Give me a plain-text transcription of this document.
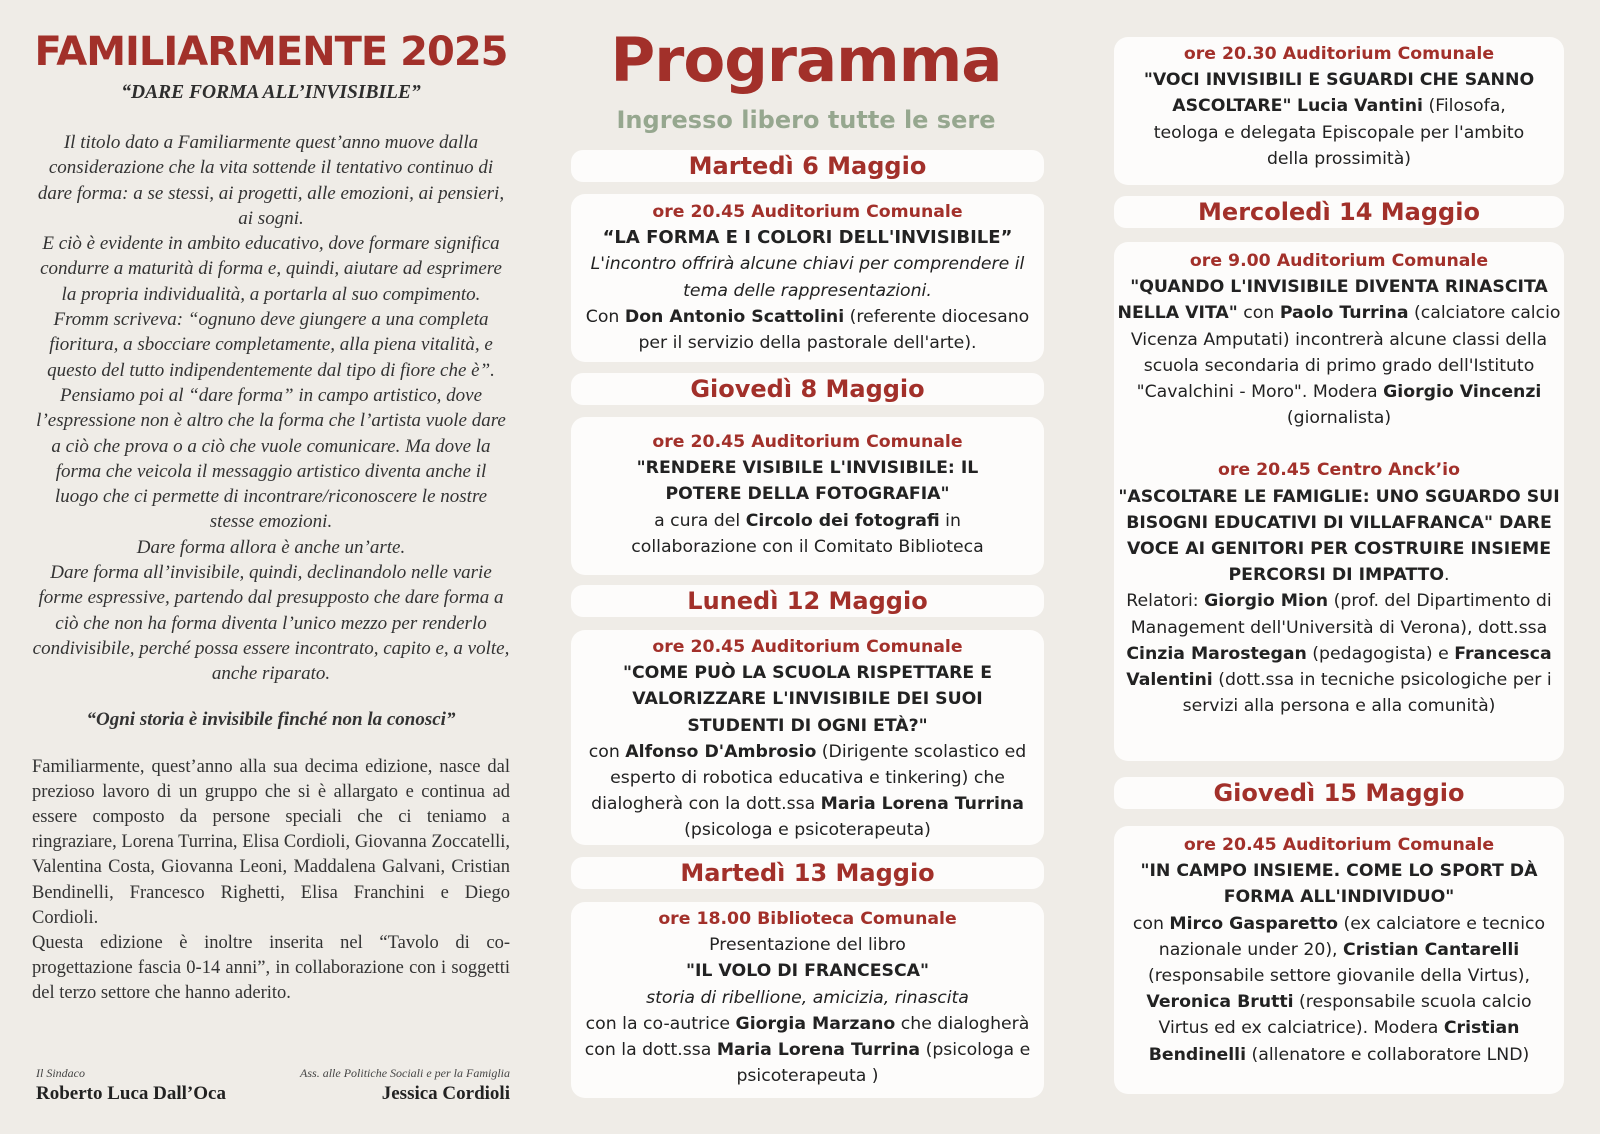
FAMILIARMENTE 2025
“DARE FORMA ALL’INVISIBILE”

Il titolo dato a Familiarmente quest’anno muove dalla considerazione che la vita sottende il tentativo continuo di dare forma: a se stessi, ai progetti, alle emozioni, ai pensieri, ai sogni.

E ciò è evidente in ambito educativo, dove formare significa condurre a maturità di forma e, quindi, aiutare ad esprimere la propria individualità, a portarla al suo compimento. Fromm scriveva: “ognuno deve giungere a una completa fioritura, a sbocciare completamente, alla piena vitalità, e questo del tutto indipendentemente dal tipo di fiore che è”.

Pensiamo poi al “dare forma” in campo artistico, dove l’espressione non è altro che la forma che l’artista vuole dare a ciò che prova o a ciò che vuole comunicare. Ma dove la forma che veicola il messaggio artistico diventa anche il luogo che ci permette di incontrare/riconoscere le nostre stesse emozioni.

Dare forma allora è anche un’arte.

Dare forma all’invisibile, quindi, declinandolo nelle varie forme espressive, partendo dal presupposto che dare forma a ciò che non ha forma diventa l’unico mezzo per renderlo condivisibile, perché possa essere incontrato, capito e, a volte, anche riparato.

“Ogni storia è invisibile finché non la conosci”

Familiarmente, quest’anno alla sua decima edizione, nasce dal prezioso lavoro di un gruppo che si è allargato e continua ad essere composto da persone speciali che ci teniamo a ringraziare, Lorena Turrina, Elisa Cordioli, Giovanna Zoccatelli, Valentina Costa, Giovanna Leoni, Maddalena Galvani, Cristian Bendinelli, Francesco Righetti, Elisa Franchini e Diego Cordioli.

Questa edizione è inoltre inserita nel “Tavolo di co-progettazione fascia 0-14 anni”, in collaborazione con i soggetti del terzo settore che hanno aderito.

Il Sindaco
Roberto Luca Dall’Oca
Ass. alle Politiche Sociali e per la Famiglia
Jessica Cordioli
Programma
Ingresso libero tutte le sere
Martedì 6 Maggio
ore 20.45 Auditorium Comunale
“LA FORMA E I COLORI DELL'INVISIBILE”
L'incontro offrirà alcune chiavi per comprendere il tema delle rappresentazioni.
Con Don Antonio Scattolini (referente diocesano per il servizio della pastorale dell'arte).
Giovedì 8 Maggio
ore 20.45 Auditorium Comunale
"RENDERE VISIBILE L'INVISIBILE: IL POTERE DELLA FOTOGRAFIA"
a cura del Circolo dei fotografi in collaborazione con il Comitato Biblioteca
Lunedì 12 Maggio
ore 20.45 Auditorium Comunale
"COME PUÒ LA SCUOLA RISPETTARE E VALORIZZARE L'INVISIBILE DEI SUOI STUDENTI DI OGNI ETÀ?"
con Alfonso D'Ambrosio (Dirigente scolastico ed esperto di robotica educativa e tinkering) che dialogherà con la dott.ssa Maria Lorena Turrina (psicologa e psicoterapeuta)
Martedì 13 Maggio
ore 18.00 Biblioteca Comunale
Presentazione del libro
"IL VOLO DI FRANCESCA"
storia di ribellione, amicizia, rinascita
con la co-autrice Giorgia Marzano che dialogherà con la dott.ssa Maria Lorena Turrina (psicologa e psicoterapeuta )
ore 20.30 Auditorium Comunale
"VOCI INVISIBILI E SGUARDI CHE SANNO ASCOLTARE" Lucia Vantini (Filosofa, teologa e delegata Episcopale per l'ambito della prossimità)
Mercoledì 14 Maggio
ore 9.00 Auditorium Comunale
"QUANDO L'INVISIBILE DIVENTA RINASCITA NELLA VITA" con Paolo Turrina (calciatore calcio Vicenza Amputati) incontrerà alcune classi della scuola secondaria di primo grado dell'Istituto "Cavalchini - Moro". Modera Giorgio Vincenzi (giornalista)
ore 20.45 Centro Anck’io
"ASCOLTARE LE FAMIGLIE: UNO SGUARDO SUI BISOGNI EDUCATIVI DI VILLAFRANCA" DARE VOCE AI GENITORI PER COSTRUIRE INSIEME PERCORSI DI IMPATTO.
Relatori: Giorgio Mion (prof. del Dipartimento di Management dell'Università di Verona), dott.ssa Cinzia Marostegan (pedagogista) e Francesca Valentini (dott.ssa in tecniche psicologiche per i servizi alla persona e alla comunità)
Giovedì 15 Maggio
ore 20.45 Auditorium Comunale
"IN CAMPO INSIEME. COME LO SPORT DÀ FORMA ALL'INDIVIDUO"
con Mirco Gasparetto (ex calciatore e tecnico nazionale under 20), Cristian Cantarelli (responsabile settore giovanile della Virtus), Veronica Brutti (responsabile scuola calcio Virtus ed ex calciatrice). Modera Cristian Bendinelli (allenatore e collaboratore LND)
